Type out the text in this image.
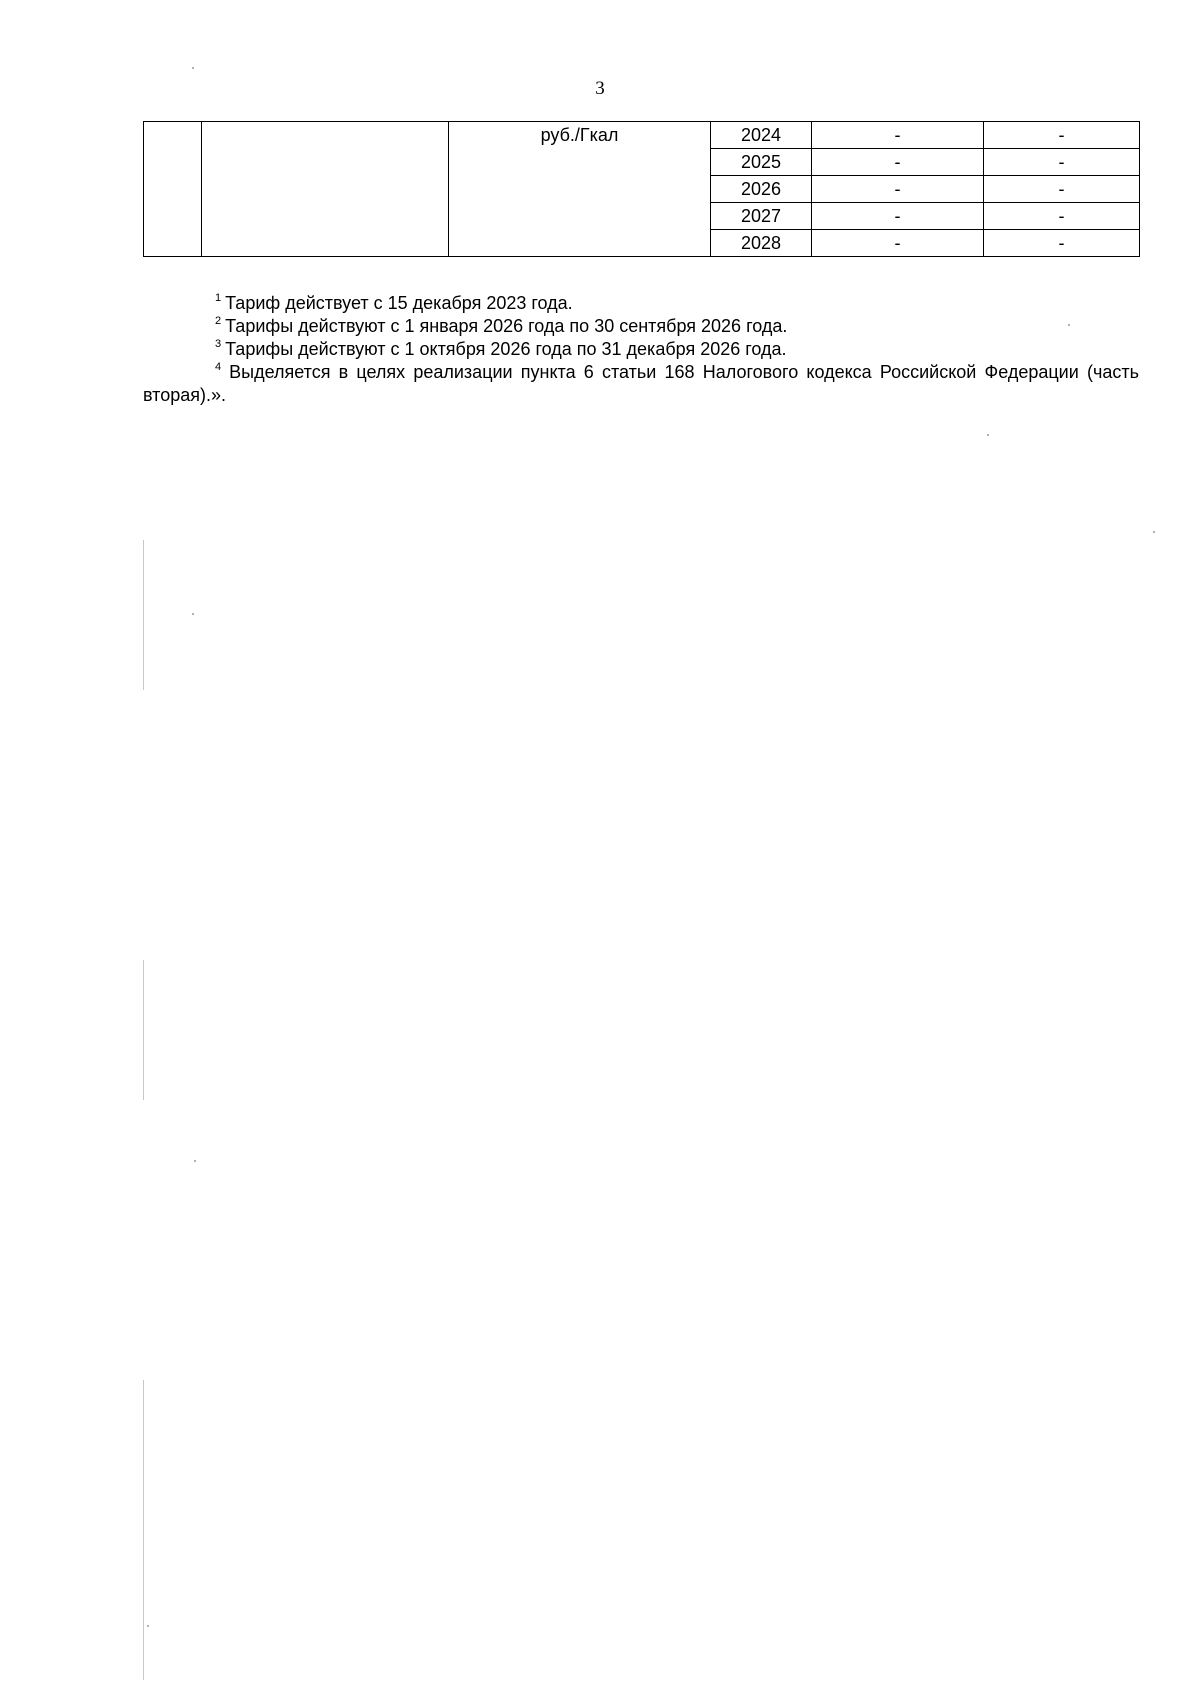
3
		руб./Гкал	2024	-	-
			2025	-	-
			2026	-	-
			2027	-	-
			2028	-	-
$^1$ Тариф действует с 15 декабря 2023 года.
$^2$ Тарифы действуют с 1 января 2026 года по 30 сентября 2026 года.
$^3$ Тарифы действуют с 1 октября 2026 года по 31 декабря 2026 года.
$^4$ Выделяется в целях реализации пункта 6 статьи 168 Налогового кодекса Российской Федерации (часть вторая).».
